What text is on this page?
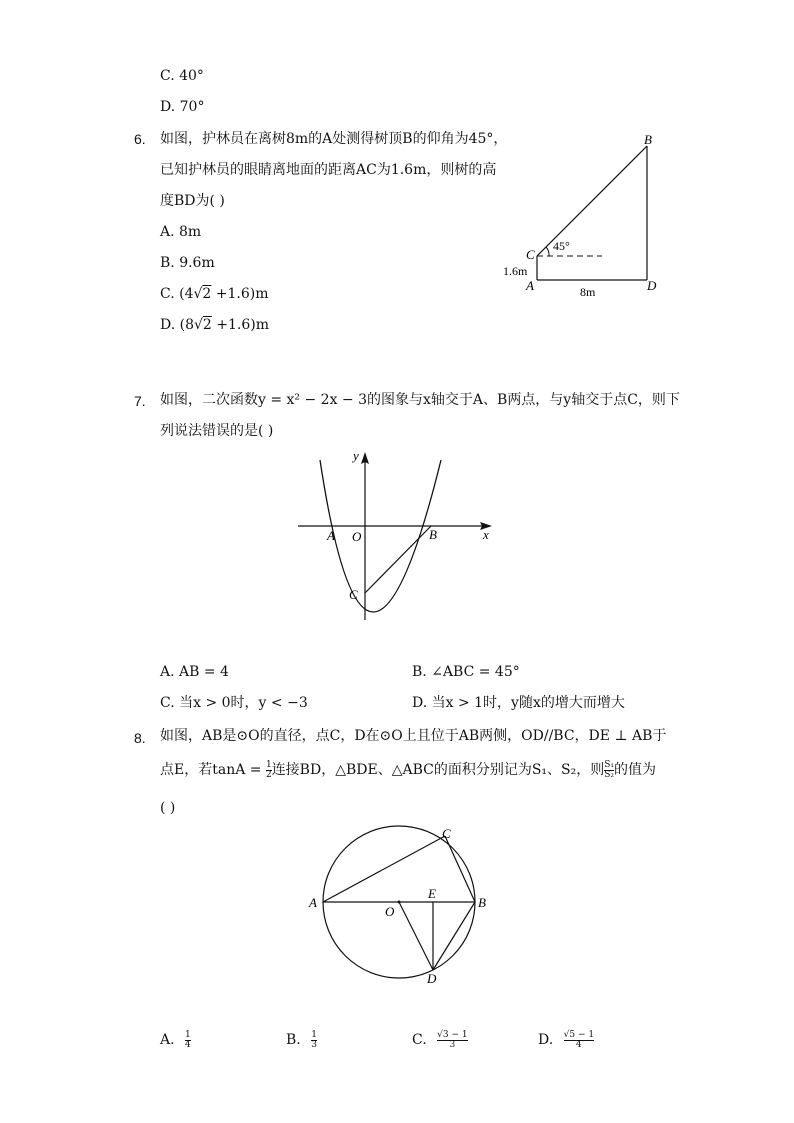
C. 40°
D. 70°
6. 如图，护林员在离树8m的A处测得树顶B的仰角为45°，
已知护林员的眼睛离地面的距离AC为1.6m，则树的高
度BD为( )
A. 8m
B. 9.6m
C. (4√2 +1.6)m
D. (8√2 +1.6)m
B
C
A	D
45°
1.6m
8m
7. 如图，二次函数y = x² − 2x − 3的图象与x轴交于A、B两点，与y轴交于点C，则下
列说法错误的是( )
y
x
A O	B
C
A. AB = 4	B. ∠ABC = 45°
C. 当x > 0时，y < −3	D. 当x > 1时，y随x的增大而增大
8. 如图，AB是⊙O的直径，点C，D在⊙O上且位于AB两侧，OD//BC，DE ⊥ AB于
点E，若$\tan A = \frac{1}{2}$ 连接BD，△BDE、△ABC的面积分别记为S₁、S₂，则 $\frac{\text{S₁}}{\text{S₂}}$ 的值为
( )
A	B
C
D
E
O
A. $\frac{1}{4}$	B. $\frac{1}{3}$	C. $\frac{√3 - 1}{3}$	D. $\frac{√5 - 1}{4}$
